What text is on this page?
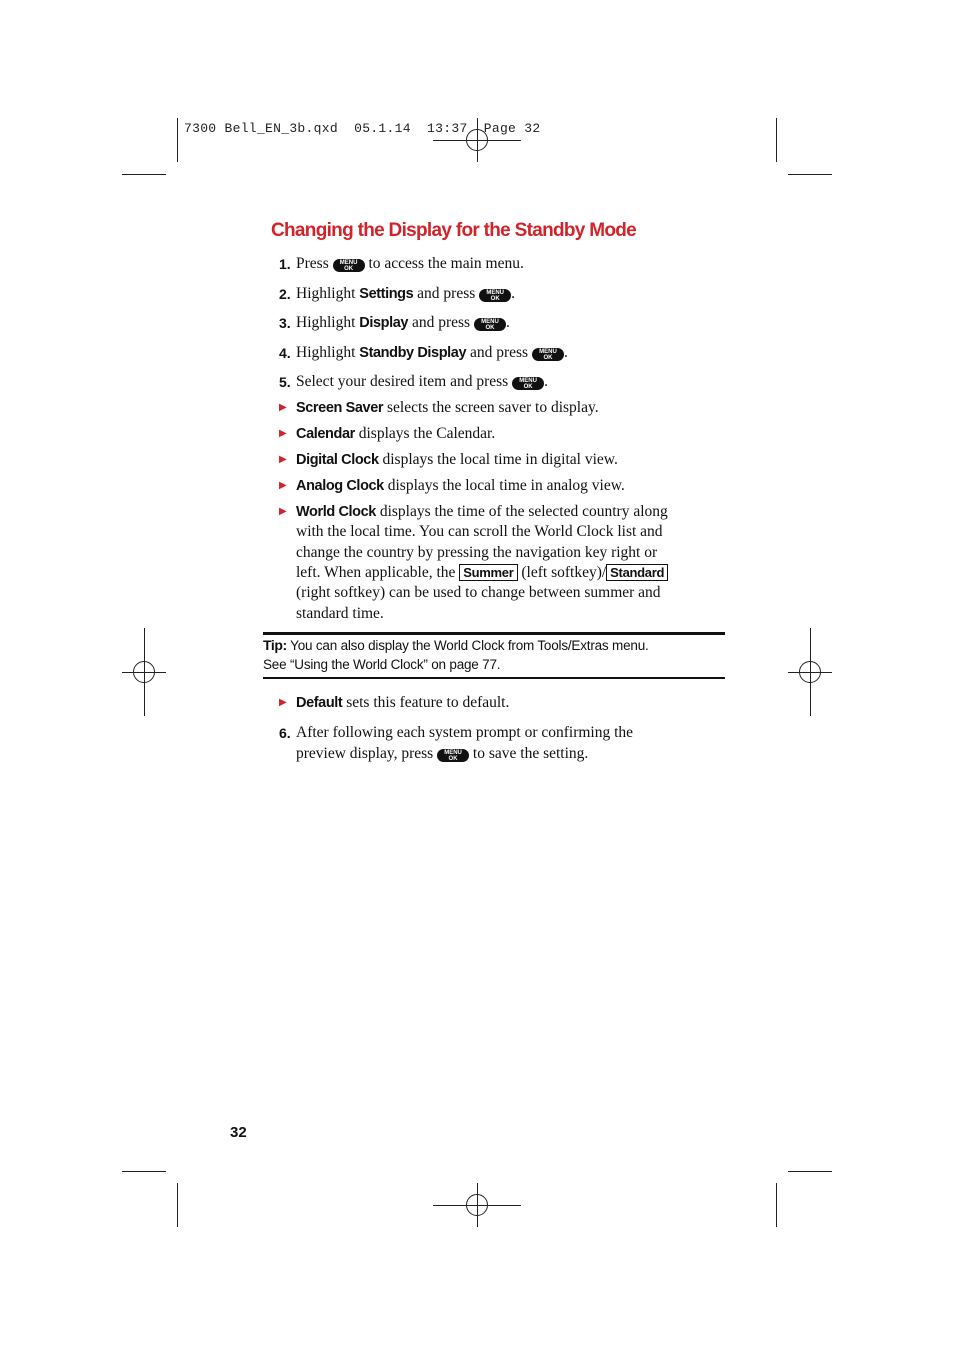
7300 Bell_EN_3b.qxd  05.1.14  13:37  Page 32
Changing the Display for the Standby Mode
1. Press	MENU
OK to access the main menu.
2. Highlight Settings and press	MENU
OK .
3. Highlight Display and press	MENU
OK .
4. Highlight Standby Display and press	MENU
OK .
5. Select your desired item and press	MENU
OK .
▶ Screen Saver selects the screen saver to display.
▶ Calendar displays the Calendar.
▶ Digital Clock displays the local time in digital view.
▶ Analog Clock displays the local time in analog view.
▶ World Clock displays the time of the selected country along
with the local time. You can scroll the World Clock list and
change the country by pressing the navigation key right or
left. When applicable, the Summer (left softkey)/ Standard
(right softkey) can be used to change between summer and
standard time.
Tip: You can also display the World Clock from Tools/Extras menu.
See “Using the World Clock” on page 77.
▶ Default sets this feature to default.
6. After following each system prompt or confirming the
preview display, press	MENU
OK to save the setting.
32
